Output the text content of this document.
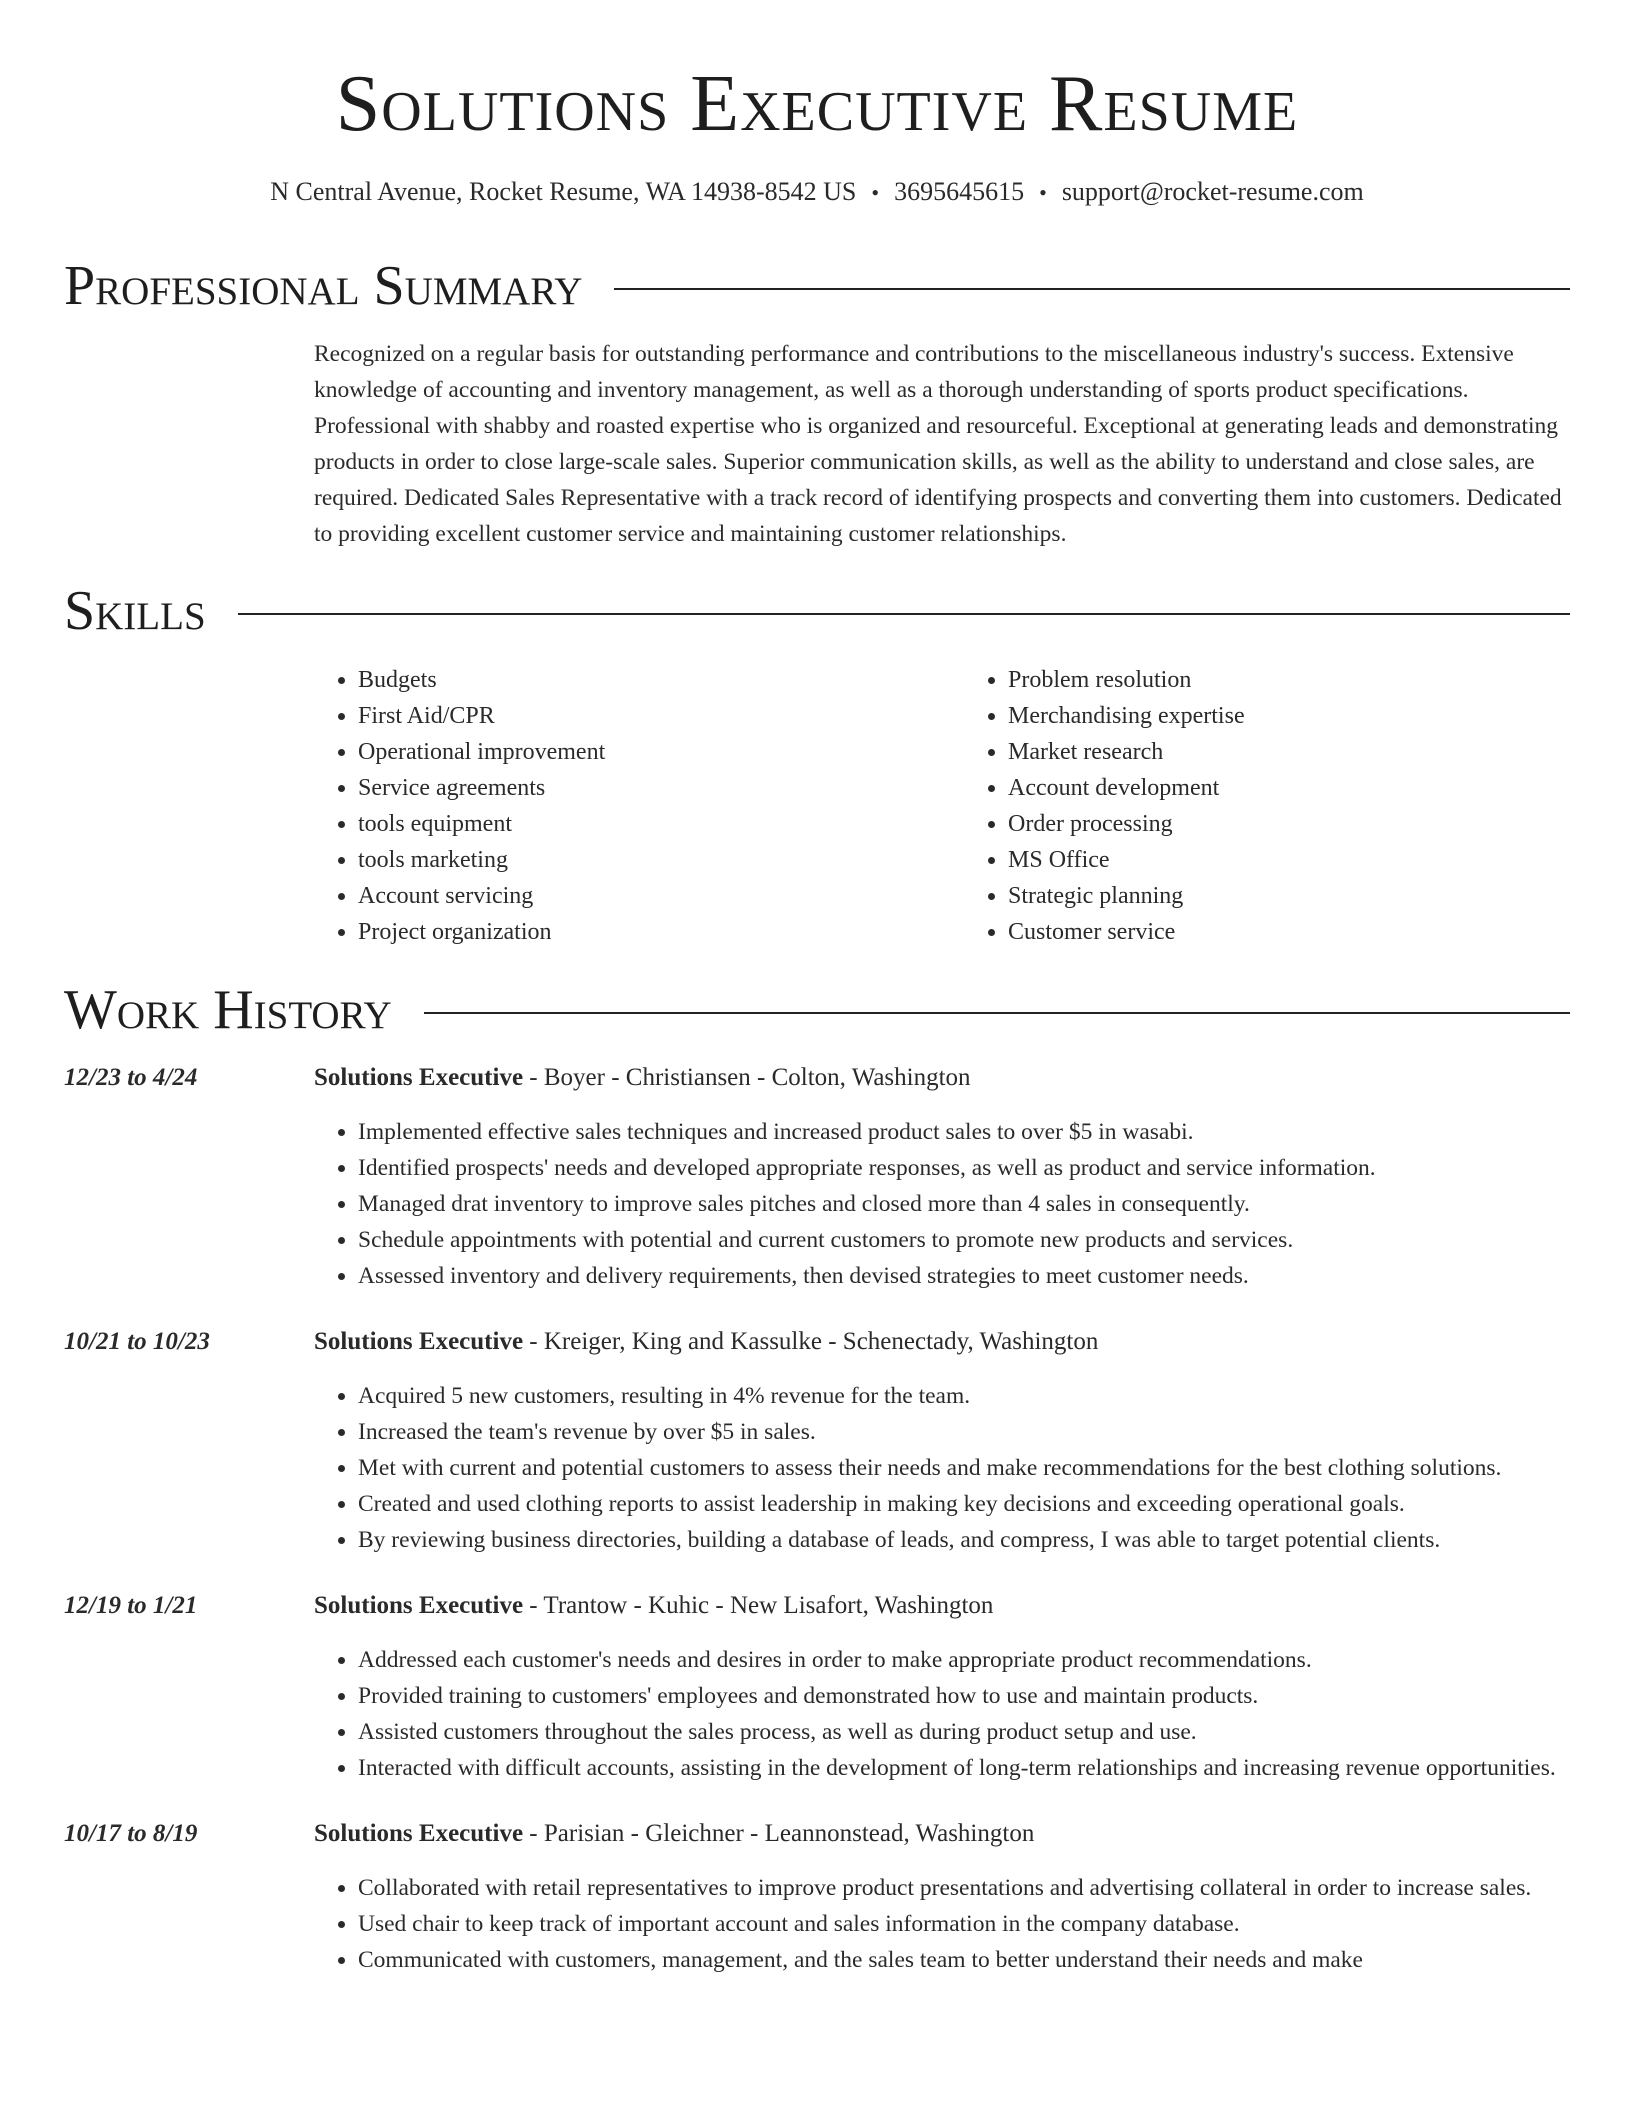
Solutions Executive Resume
N Central Avenue, Rocket Resume, WA 14938-8542 US • 3695645615 • support@rocket-resume.com
Professional Summary
Recognized on a regular basis for outstanding performance and contributions to the miscellaneous industry's success. Extensive knowledge of accounting and inventory management, as well as a thorough understanding of sports product specifications. Professional with shabby and roasted expertise who is organized and resourceful. Exceptional at generating leads and demonstrating products in order to close large-scale sales. Superior communication skills, as well as the ability to understand and close sales, are required. Dedicated Sales Representative with a track record of identifying prospects and converting them into customers. Dedicated to providing excellent customer service and maintaining customer relationships.
Skills
• Budgets
• First Aid/CPR
• Operational improvement
• Service agreements
• tools equipment
• tools marketing
• Account servicing
• Project organization
• Problem resolution
• Merchandising expertise
• Market research
• Account development
• Order processing
• MS Office
• Strategic planning
• Customer service
Work History
12/23 to 4/24	Solutions Executive - Boyer - Christiansen - Colton, Washington
• Implemented effective sales techniques and increased product sales to over $5 in wasabi.
• Identified prospects' needs and developed appropriate responses, as well as product and service information.
• Managed drat inventory to improve sales pitches and closed more than 4 sales in consequently.
• Schedule appointments with potential and current customers to promote new products and services.
• Assessed inventory and delivery requirements, then devised strategies to meet customer needs.
10/21 to 10/23	Solutions Executive - Kreiger, King and Kassulke - Schenectady, Washington
• Acquired 5 new customers, resulting in 4% revenue for the team.
• Increased the team's revenue by over $5 in sales.
• Met with current and potential customers to assess their needs and make recommendations for the best clothing solutions.
• Created and used clothing reports to assist leadership in making key decisions and exceeding operational goals.
• By reviewing business directories, building a database of leads, and compress, I was able to target potential clients.
12/19 to 1/21	Solutions Executive - Trantow - Kuhic - New Lisafort, Washington
• Addressed each customer's needs and desires in order to make appropriate product recommendations.
• Provided training to customers' employees and demonstrated how to use and maintain products.
• Assisted customers throughout the sales process, as well as during product setup and use.
• Interacted with difficult accounts, assisting in the development of long-term relationships and increasing revenue opportunities.
10/17 to 8/19	Solutions Executive - Parisian - Gleichner - Leannonstead, Washington
• Collaborated with retail representatives to improve product presentations and advertising collateral in order to increase sales.
• Used chair to keep track of important account and sales information in the company database.
• Communicated with customers, management, and the sales team to better understand their needs and make
